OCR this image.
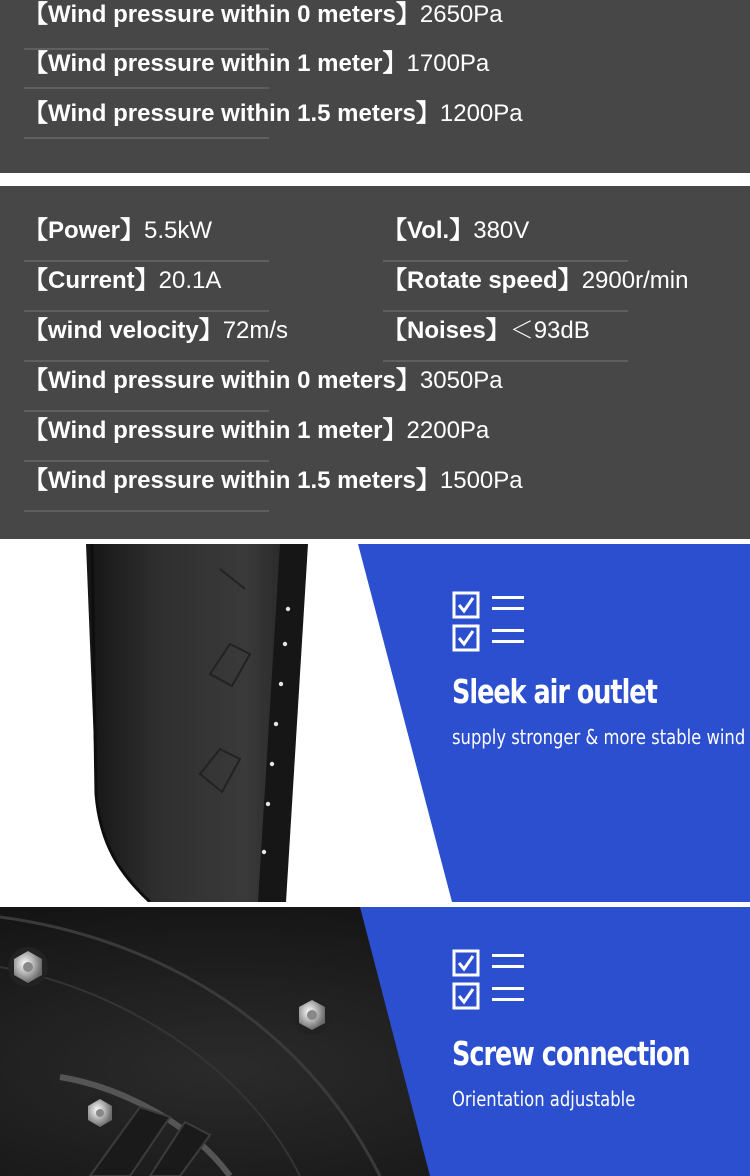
【Wind pressure within 0 meters】2650Pa
【Wind pressure within 1 meter】1700Pa
【Wind pressure within 1.5 meters】1200Pa
【Power】5.5kW	【Vol.】380V
【Current】20.1A	【Rotate speed】2900r/min
【wind velocity】72m/s	【Noises】＜93dB
【Wind pressure within 0 meters】3050Pa
【Wind pressure within 1 meter】2200Pa
【Wind pressure within 1.5 meters】1500Pa
Sleek air outlet
supply stronger & more stable wind
Screw connection
Orientation adjustable
